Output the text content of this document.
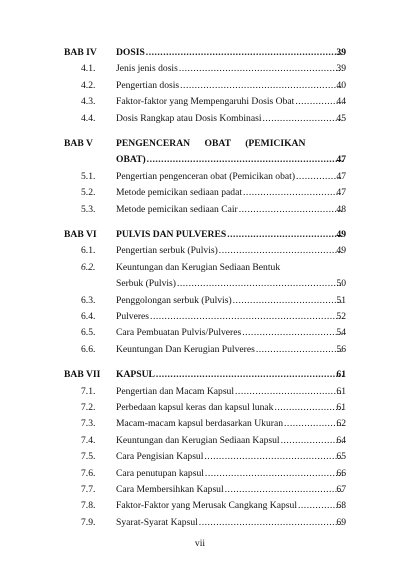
BAB IV	DOSIS .....	39
4.1.	Jenis jenis dosis .....	39
4.2.	Pengertian dosis .....	40
4.3.	Faktor-faktor yang Mempengaruhi Dosis Obat .....	44
4.4.	Dosis Rangkap atau Dosis Kombinasi .....	45
BAB V	PENGENCERAN OBAT (PEMICIKAN
OBAT) .....	47
5.1.	Pengertian pengenceran obat (Pemicikan obat) .....	47
5.2.	Metode pemicikan sediaan padat .....	47
5.3.	Metode pemicikan sediaan Cair .....	48
BAB VI	PULVIS DAN PULVERES .....	49
6.1.	Pengertian serbuk (Pulvis) .....	49
6.2.	Keuntungan dan Kerugian Sediaan Bentuk
Serbuk (Pulvis) .....	50
6.3.	Penggolongan serbuk (Pulvis) .....	51
6.4.	Pulveres .....	52
6.5.	Cara Pembuatan Pulvis/Pulveres .....	54
6.6.	Keuntungan Dan Kerugian Pulveres .....	56
BAB VII	KAPSUL .....	61
7.1.	Pengertian dan Macam Kapsul .....	61
7.2.	Perbedaan kapsul keras dan kapsul lunak .....	61
7.3.	Macam-macam kapsul berdasarkan Ukuran .....	62
7.4.	Keuntungan dan Kerugian Sediaan Kapsul .....	64
7.5.	Cara Pengisian Kapsul .....	65
7.6.	Cara penutupan kapsul .....	66
7.7.	Cara Membersihkan Kapsul .....	67
7.8.	Faktor-Faktor yang Merusak Cangkang Kapsul .....	68
7.9.	Syarat-Syarat Kapsul .....	69
vii
